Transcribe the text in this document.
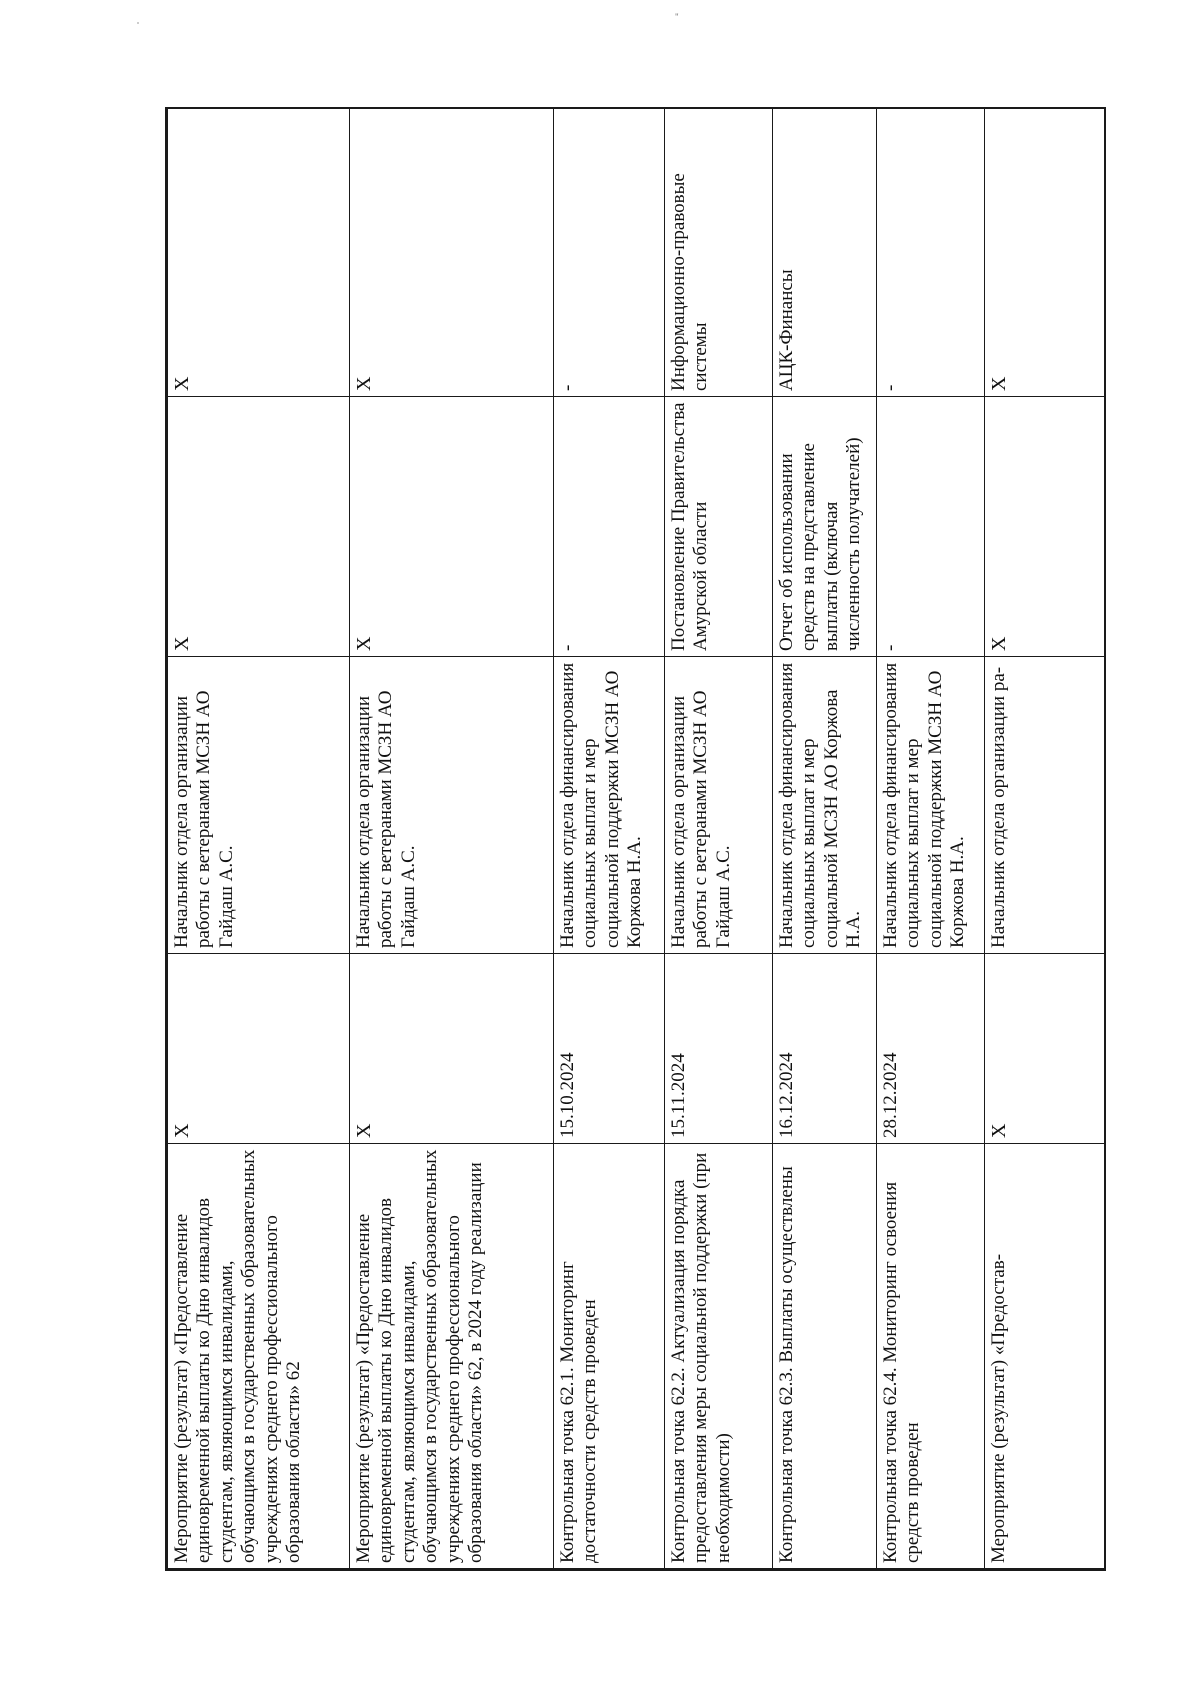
"
Мероприятие (результат) «Предоставление единовременной выплаты ко Дню инвалидов студентам, являющимся инвалидами, обучающимся в государственных образовательных учреждениях среднего профессионального образования области» 62	X	Начальник отдела организации работы с ветеранами МСЗН АО Гайдаш А.С.	X	X
Мероприятие (результат) «Предоставление единовременной выплаты ко Дню инвалидов студентам, являющимся инвалидами, обучающимся в государственных образовательных учреждениях среднего профессионального образования области» 62, в 2024 году реализации	X	Начальник отдела организации работы с ветеранами МСЗН АО Гайдаш А.С.	X	X
Контрольная точка 62.1. Мониторинг достаточности средств проведен	15.10.2024	Начальник отдела финансирования социальных выплат и мер социальной поддержки МСЗН АО Коржова Н.А.	-	-
Контрольная точка 62.2. Актуализация порядка предоставления меры социальной поддержки (при необходимости)	15.11.2024	Начальник отдела организации работы с ветеранами МСЗН АО Гайдаш А.С.	Постановление Правительства Амурской области	Информационно-правовые системы
Контрольная точка 62.3. Выплаты осуществлены	16.12.2024	Начальник отдела финансирования социальных выплат и мер социальной МСЗН АО Коржова Н.А.	Отчет об использовании средств на представление выплаты (включая численность получателей)	АЦК-Финансы
Контрольная точка 62.4. Мониторинг освоения средств проведен	28.12.2024	Начальник отдела финансирования социальных выплат и мер социальной поддержки МСЗН АО Коржова Н.А.	-	-
Мероприятие (результат) «Предостав-	X	Начальник отдела организации ра-	X	X
